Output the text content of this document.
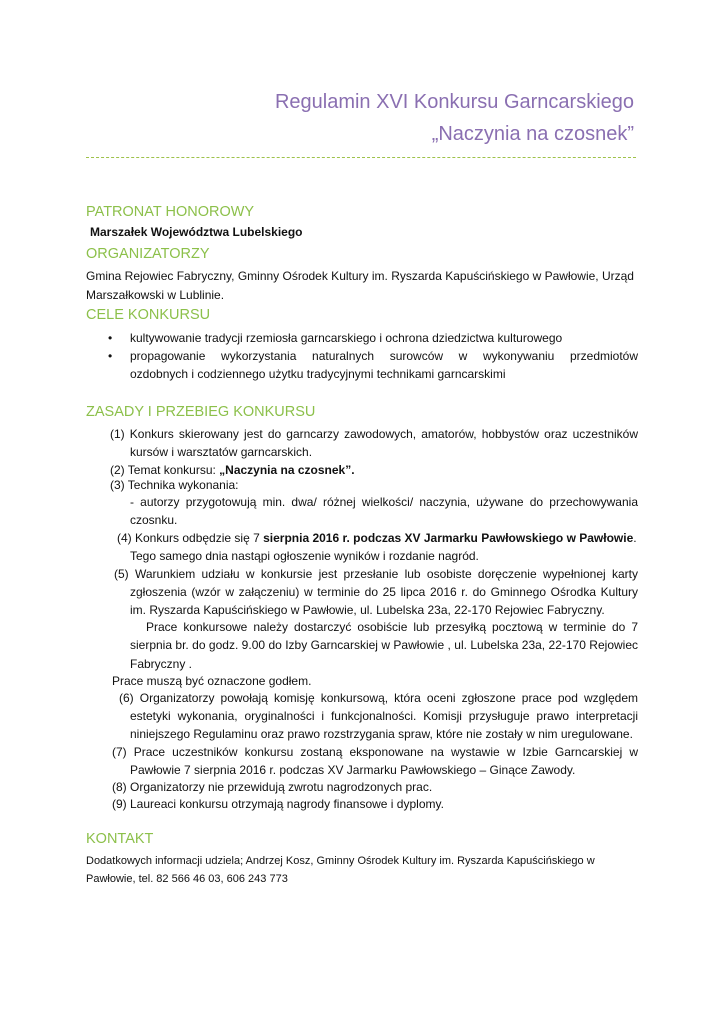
Regulamin XVI Konkursu Garncarskiego
„Naczynia na czosnek”
PATRONAT HONOROWY
Marszałek Województwa Lubelskiego
ORGANIZATORZY
Gmina Rejowiec Fabryczny, Gminny Ośrodek Kultury im. Ryszarda Kapuścińskiego w Pawłowie, Urząd
Marszałkowski w Lublinie.
CELE KONKURSU
• kultywowanie tradycji rzemiosła garncarskiego i ochrona dziedzictwa kulturowego
• propagowanie wykorzystania naturalnych surowców w wykonywaniu przedmiotów
ozdobnych i codziennego użytku tradycyjnymi technikami garncarskimi
ZASADY I PRZEBIEG KONKURSU
(1) Konkurs skierowany jest do garncarzy zawodowych, amatorów, hobbystów oraz uczestników
kursów i warsztatów garncarskich.
(2) Temat konkursu: „Naczynia na czosnek”.
(3) Technika wykonania:
- autorzy przygotowują min. dwa/ różnej wielkości/ naczynia, używane do przechowywania
czosnku.
(4) Konkurs odbędzie się 7 sierpnia 2016 r. podczas XV Jarmarku Pawłowskiego w Pawłowie.
Tego samego dnia nastąpi ogłoszenie wyników i rozdanie nagród.
(5) Warunkiem udziału w konkursie jest przesłanie lub osobiste doręczenie wypełnionej karty
zgłoszenia (wzór w załączeniu) w terminie do 25 lipca 2016 r. do Gminnego Ośrodka Kultury
im. Ryszarda Kapuścińskiego w Pawłowie, ul. Lubelska 23a, 22-170 Rejowiec Fabryczny.
Prace konkursowe należy dostarczyć osobiście lub przesyłką pocztową w terminie do 7
sierpnia br. do godz. 9.00 do Izby Garncarskiej w Pawłowie , ul. Lubelska 23a, 22-170 Rejowiec
Fabryczny .
Prace muszą być oznaczone godłem.
(6) Organizatorzy powołają komisję konkursową, która oceni zgłoszone prace pod względem
estetyki wykonania, oryginalności i funkcjonalności. Komisji przysługuje prawo interpretacji
niniejszego Regulaminu oraz prawo rozstrzygania spraw, które nie zostały w nim uregulowane.
(7) Prace uczestników konkursu zostaną eksponowane na wystawie w Izbie Garncarskiej w
Pawłowie 7 sierpnia 2016 r. podczas XV Jarmarku Pawłowskiego – Ginące Zawody.
(8) Organizatorzy nie przewidują zwrotu nagrodzonych prac.
(9) Laureaci konkursu otrzymają nagrody finansowe i dyplomy.
KONTAKT
Dodatkowych informacji udziela; Andrzej Kosz, Gminny Ośrodek Kultury im. Ryszarda Kapuścińskiego w
Pawłowie, tel. 82 566 46 03, 606 243 773
